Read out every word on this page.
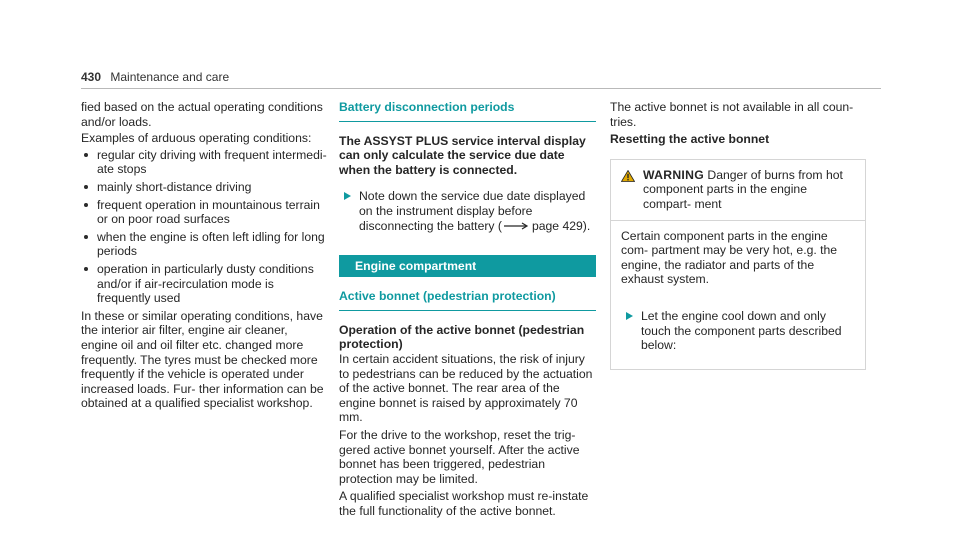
430 Maintenance and care

fied based on the actual operating conditions and/or loads.

Examples of arduous operating conditions:

regular city driving with frequent intermedi- ate stops
mainly short-distance driving
frequent operation in mountainous terrain or on poor road surfaces
when the engine is often left idling for long periods
operation in particularly dusty conditions and/or if air-recirculation mode is frequently used

In these or similar operating conditions, have the interior air filter, engine air cleaner, engine oil and oil filter etc. changed more frequently. The tyres must be checked more frequently if the vehicle is operated under increased loads. Fur- ther information can be obtained at a qualified specialist workshop.

Battery disconnection periods

The ASSYST PLUS service interval display can only calculate the service due date when the battery is connected.

Note down the service due date displayed on the instrument display before disconnecting the battery ( page 429).
Engine compartment
Active bonnet (pedestrian protection)

Operation of the active bonnet (pedestrian protection)

In certain accident situations, the risk of injury to pedestrians can be reduced by the actuation of the active bonnet. The rear area of the engine bonnet is raised by approximately 70 mm.

For the drive to the workshop, reset the trig- gered active bonnet yourself. After the active bonnet has been triggered, pedestrian protection may be limited.

A qualified specialist workshop must re-instate the full functionality of the active bonnet.

The active bonnet is not available in all coun- tries.

Resetting the active bonnet

WARNING Danger of burns from hot component parts in the engine compart- ment

Certain component parts in the engine com- partment may be very hot, e.g. the engine, the radiator and parts of the exhaust system.

Let the engine cool down and only touch the component parts described below:
